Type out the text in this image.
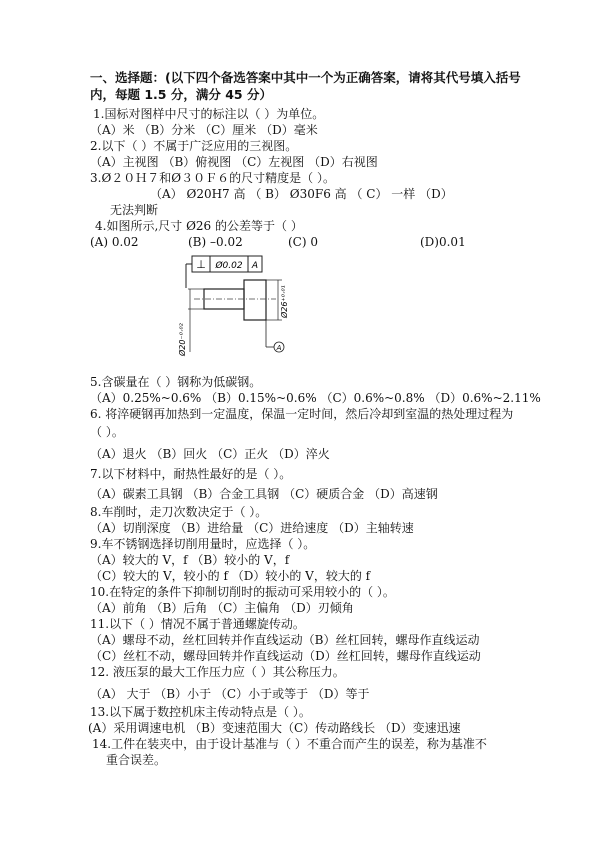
一、选择题：(以下四个备选答案中其中一个为正确答案，请将其代号填入括号
内，每题 1.5 分，满分 45 分）
1.国标对图样中尺寸的标注以（ ）为单位。
（A）米 （B）分米 （C）厘米 （D）毫米
2.以下（ ）不属于广泛应用的三视图。
（A）主视图 （B）俯视图 （C）左视图 （D）右视图
3.Ø２０Ｈ７和Ø３０Ｆ６的尺寸精度是（ ）。
（A） Ø20H7 高 （ B） Ø30F6 高 （ C） 一样 （D）
无法判断
4.如图所示,尺寸 Ø26 的公差等于（ ）
(A) 0.02	(B) –0.02	(C) 0	(D)0.01
⊥ Ø0.02 A
Ø26⁺⁰·⁰¹
Ø20⁻⁰·⁰²	A
5.含碳量在（ ）钢称为低碳钢。
（A）0.25%~0.6% （B）0.15%~0.6% （C）0.6%~0.8% （D）0.6%~2.11%
6. 将淬硬钢再加热到一定温度，保温一定时间，然后冷却到室温的热处理过程为
（ ）。
（A）退火 （B）回火 （C）正火 （D）淬火
7.以下材料中，耐热性最好的是（ ）。
（A）碳素工具钢 （B）合金工具钢 （C）硬质合金 （D）高速钢
8.车削时，走刀次数决定于（ ）。
（A）切削深度 （B）进给量 （C）进给速度 （D）主轴转速
9.车不锈钢选择切削用量时，应选择（ ）。
（A）较大的 V，f （B）较小的 V，f
（C）较大的 V，较小的 f （D）较小的 V，较大的 f
10.在特定的条件下抑制切削时的振动可采用较小的（ ）。
（A）前角 （B）后角 （C）主偏角 （D）刃倾角
11.以下（ ）情况不属于普通螺旋传动。
（A）螺母不动，丝杠回转并作直线运动（B）丝杠回转，螺母作直线运动
（C）丝杠不动，螺母回转并作直线运动（D）丝杠回转，螺母作直线运动
12. 液压泵的最大工作压力应（ ）其公称压力。
（A） 大于 （B）小于 （C）小于或等于 （D）等于
13.以下属于数控机床主传动特点是（ ）。
(A）采用调速电机 （B）变速范围大（C）传动路线长 （D）变速迅速
14.工件在装夹中，由于设计基准与（ ）不重合而产生的误差，称为基准不
重合误差。
